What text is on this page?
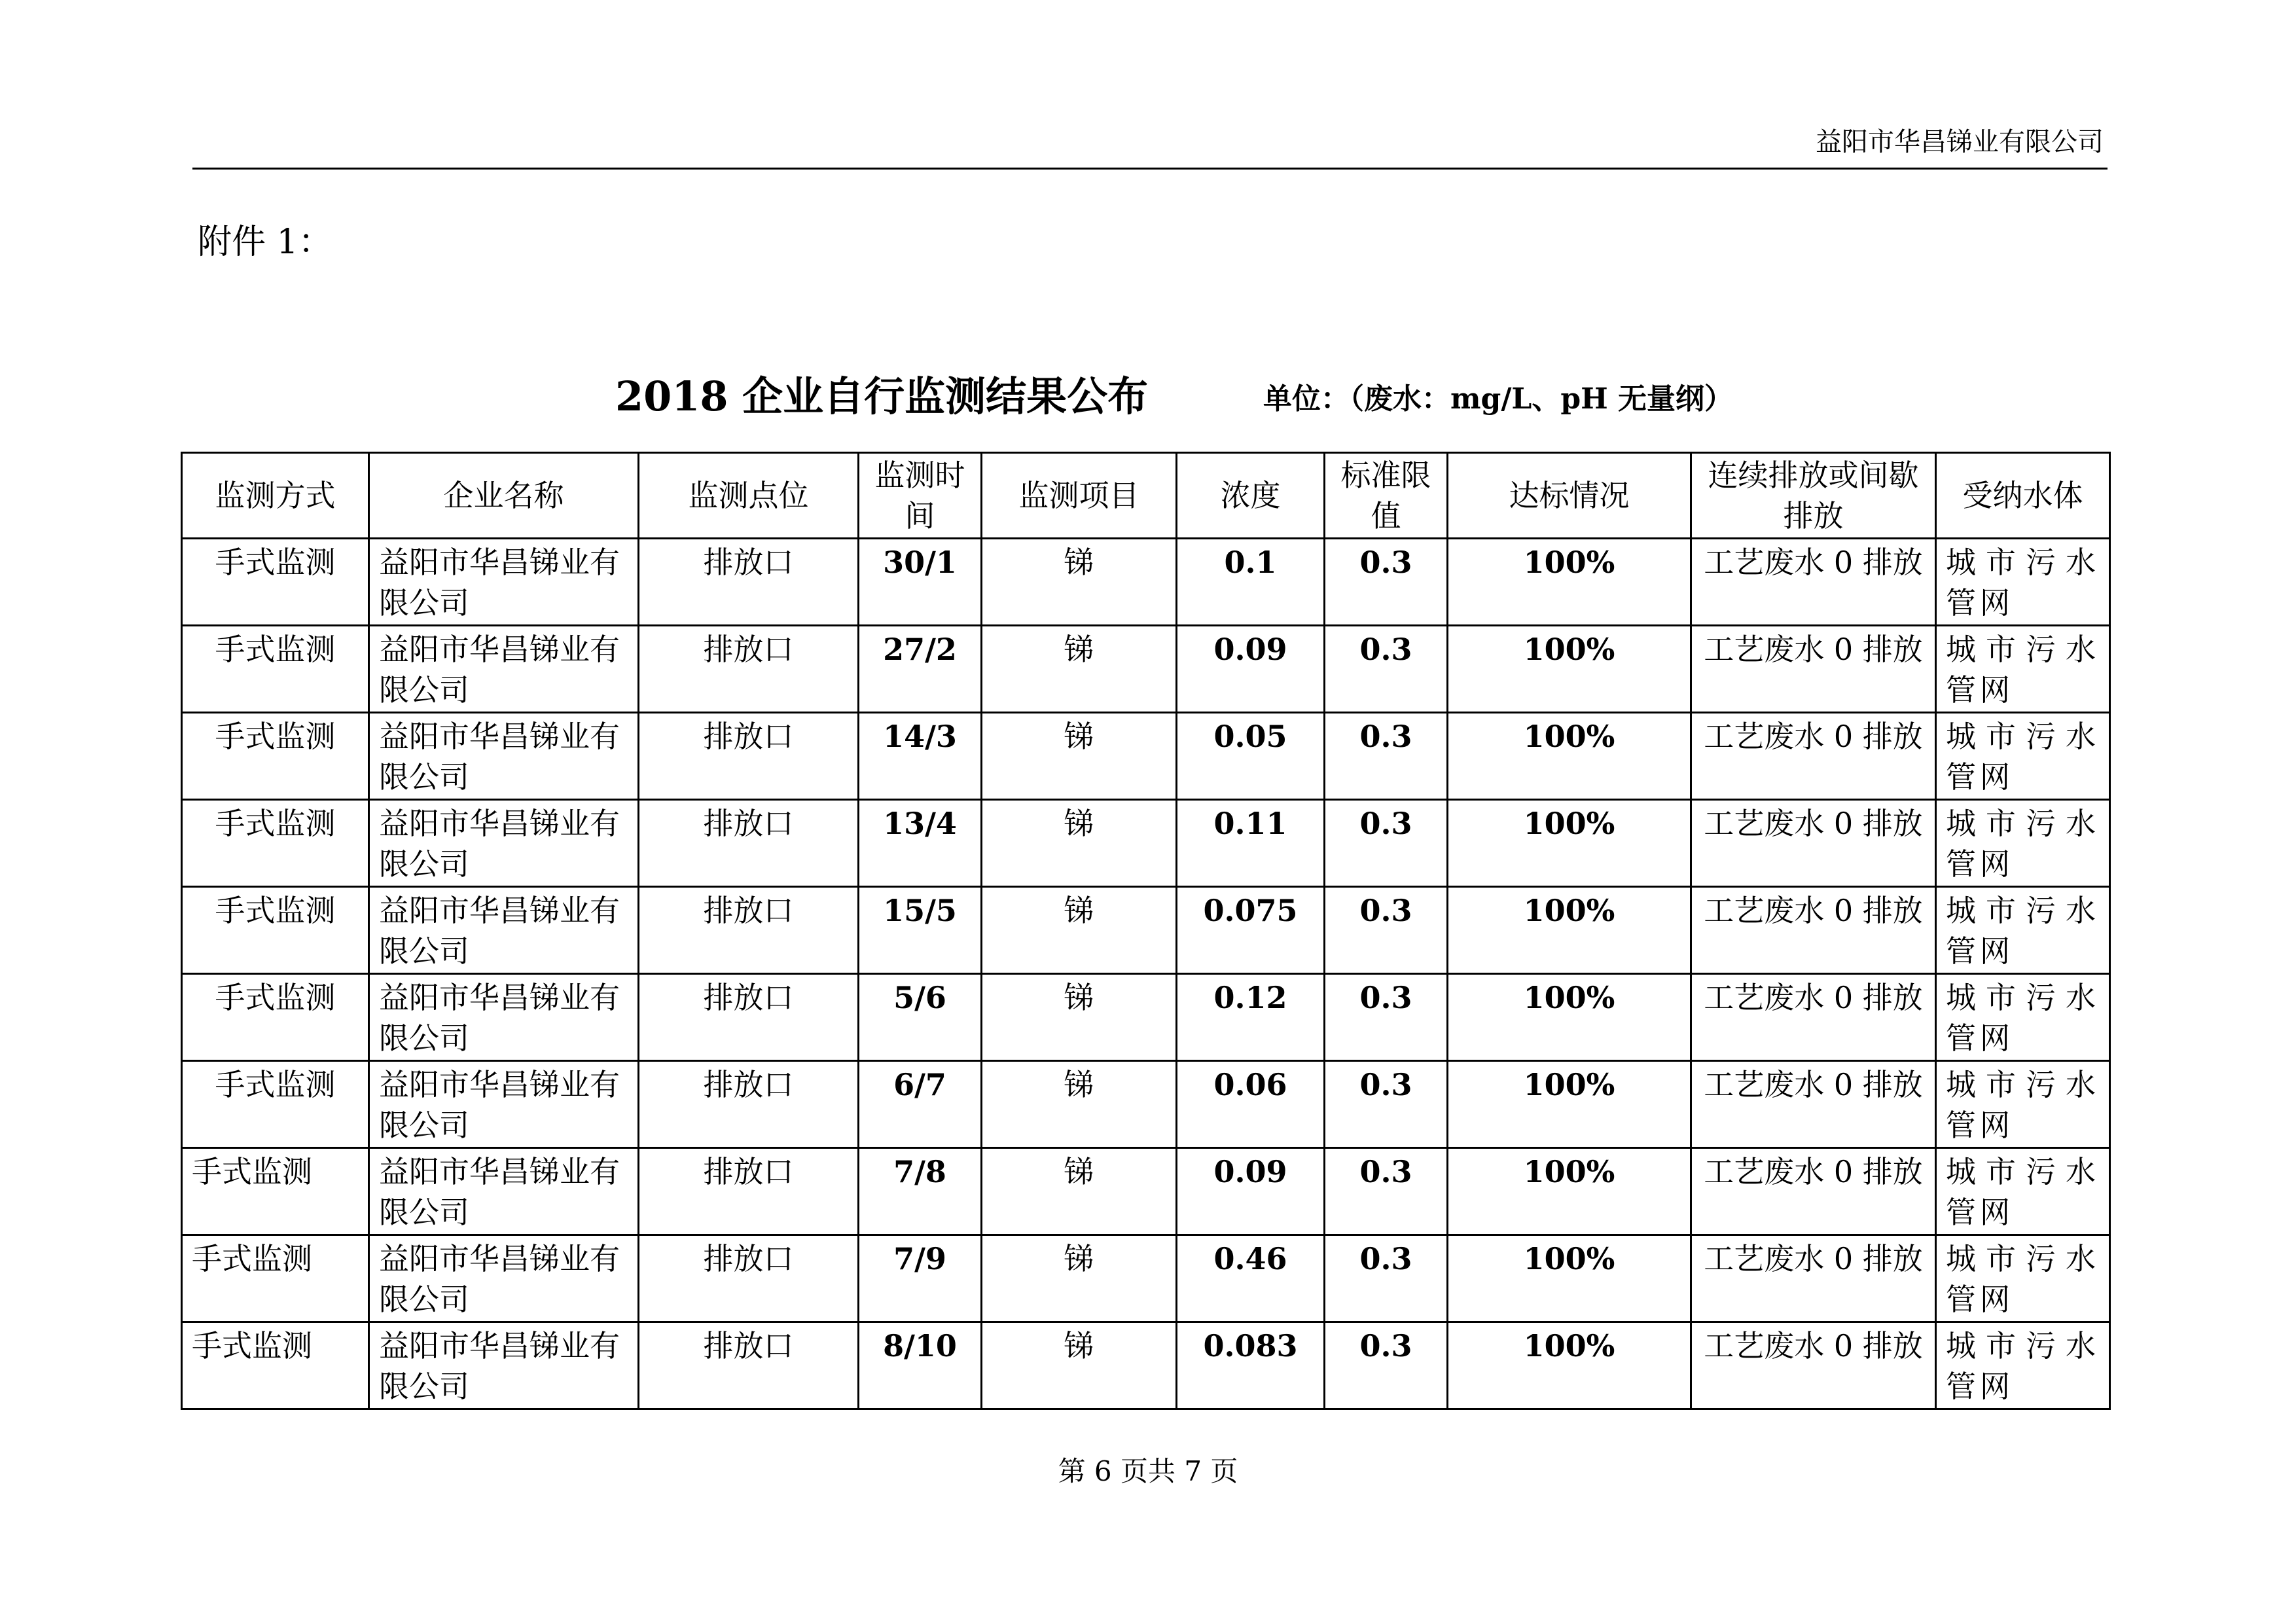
益阳市华昌锑业有限公司
附件 1：
2018 企业自行监测结果公布	单位：（废水：mg/L、pH 无量纲）
监测方式	企业名称	监测点位	监测时间	监测项目	浓度	标准限值	达标情况	连续排放或间歇排放	受纳水体
手式监测	益阳市华昌锑业有限公司	排放口	30/1	锑	0.1	0.3	100%	工艺废水 0 排放	城市污水管网
手式监测	益阳市华昌锑业有限公司	排放口	27/2	锑	0.09	0.3	100%	工艺废水 0 排放	城市污水管网
手式监测	益阳市华昌锑业有限公司	排放口	14/3	锑	0.05	0.3	100%	工艺废水 0 排放	城市污水管网
手式监测	益阳市华昌锑业有限公司	排放口	13/4	锑	0.11	0.3	100%	工艺废水 0 排放	城市污水管网
手式监测	益阳市华昌锑业有限公司	排放口	15/5	锑	0.075	0.3	100%	工艺废水 0 排放	城市污水管网
手式监测	益阳市华昌锑业有限公司	排放口	5/6	锑	0.12	0.3	100%	工艺废水 0 排放	城市污水管网
手式监测	益阳市华昌锑业有限公司	排放口	6/7	锑	0.06	0.3	100%	工艺废水 0 排放	城市污水管网
手式监测	益阳市华昌锑业有限公司	排放口	7/8	锑	0.09	0.3	100%	工艺废水 0 排放	城市污水管网
手式监测	益阳市华昌锑业有限公司	排放口	7/9	锑	0.46	0.3	100%	工艺废水 0 排放	城市污水管网
手式监测	益阳市华昌锑业有限公司	排放口	8/10	锑	0.083	0.3	100%	工艺废水 0 排放	城市污水管网
第 6 页共 7 页
